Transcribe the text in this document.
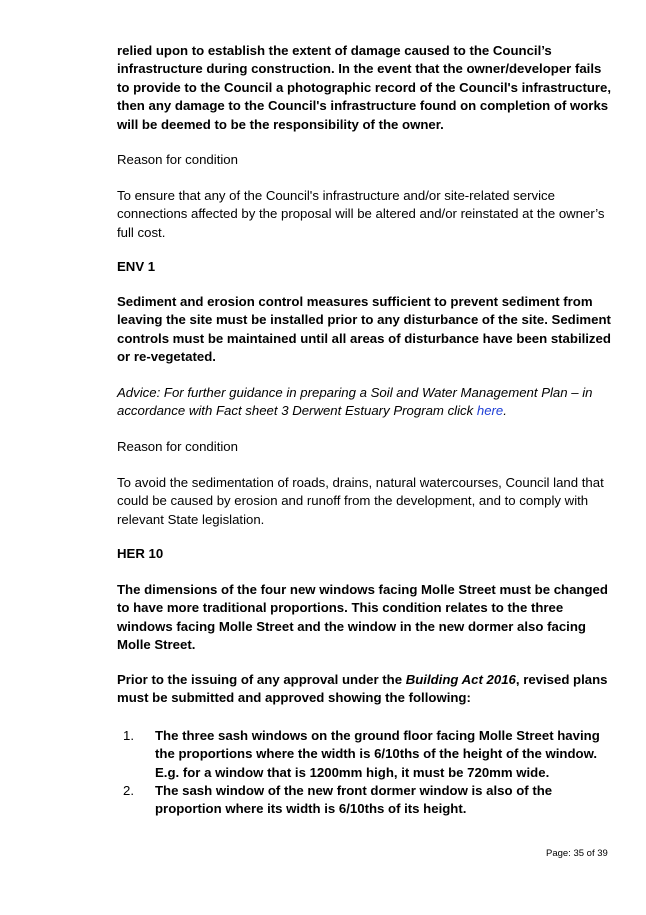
relied upon to establish the extent of damage caused to the Council’s infrastructure during construction. In the event that the owner/developer fails to provide to the Council a photographic record of the Council's infrastructure, then any damage to the Council's infrastructure found on completion of works will be deemed to be the responsibility of the owner.

Reason for condition

To ensure that any of the Council's infrastructure and/or site-related service connections affected by the proposal will be altered and/or reinstated at the owner’s full cost.

ENV 1

Sediment and erosion control measures sufficient to prevent sediment from leaving the site must be installed prior to any disturbance of the site. Sediment controls must be maintained until all areas of disturbance have been stabilized or re-vegetated.

Advice: For further guidance in preparing a Soil and Water Management Plan – in accordance with Fact sheet 3 Derwent Estuary Program click here.

Reason for condition

To avoid the sedimentation of roads, drains, natural watercourses, Council land that could be caused by erosion and runoff from the development, and to comply with relevant State legislation.

HER 10

The dimensions of the four new windows facing Molle Street must be changed to have more traditional proportions. This condition relates to the three windows facing Molle Street and the window in the new dormer also facing Molle Street.

Prior to the issuing of any approval under the Building Act 2016, revised plans must be submitted and approved showing the following:

1. The three sash windows on the ground floor facing Molle Street having the proportions where the width is 6/10ths of the height of the window. E.g. for a window that is 1200mm high, it must be 720mm wide.

2. The sash window of the new front dormer window is also of the proportion where its width is 6/10ths of its height.

Page: 35 of 39
